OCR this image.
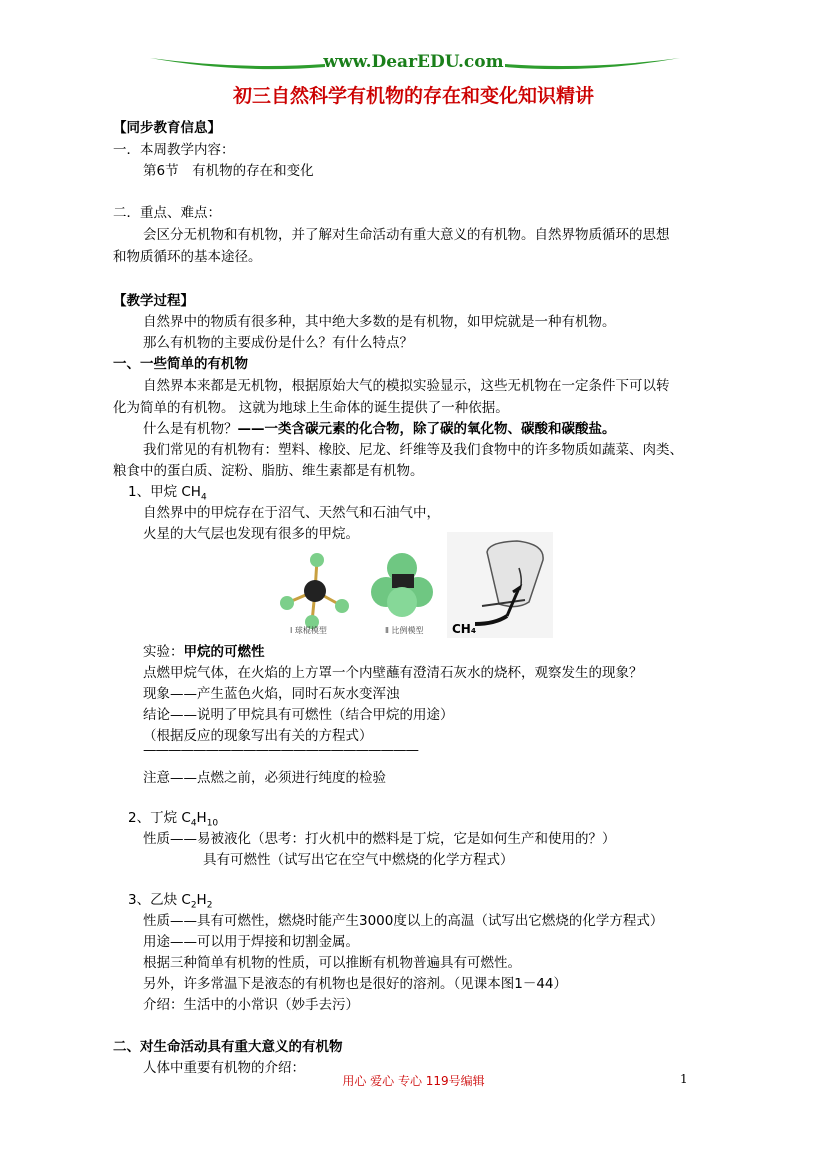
www.DearEDU.com
初三自然科学有机物的存在和变化知识精讲
【同步教育信息】
一．本周教学内容：
第6节　有机物的存在和变化
二．重点、难点：
会区分无机物和有机物，并了解对生命活动有重大意义的有机物。自然界物质循环的思想
和物质循环的基本途径。
【教学过程】
自然界中的物质有很多种，其中绝大多数的是有机物，如甲烷就是一种有机物。
那么有机物的主要成份是什么？有什么特点？
一、一些简单的有机物
自然界本来都是无机物，根据原始大气的模拟实验显示，这些无机物在一定条件下可以转
化为简单的有机物。 这就为地球上生命体的诞生提供了一种依据。
什么是有机物？——一类含碳元素的化合物，除了碳的氧化物、碳酸和碳酸盐。
我们常见的有机物有：塑料、橡胶、尼龙、纤维等及我们食物中的许多物质如蔬菜、肉类、
粮食中的蛋白质、淀粉、脂肪、维生素都是有机物。
1、甲烷 $CH_4$
自然界中的甲烷存在于沼气、天然气和石油气中，
火星的大气层也发现有很多的甲烷。
Ⅰ 球棍模型	Ⅱ 比例模型 CH₄
实验：甲烷的可燃性
点燃甲烷气体，在火焰的上方罩一个内壁蘸有澄清石灰水的烧杯，观察发生的现象？
现象——产生蓝色火焰，同时石灰水变浑浊
结论——说明了甲烷具有可燃性（结合甲烷的用途）
（根据反应的现象写出有关的方程式）
——————————————————————
注意——点燃之前，必须进行纯度的检验
2、丁烷 $C_4H_{10}$
性质——易被液化（思考：打火机中的燃料是丁烷，它是如何生产和使用的？）
具有可燃性（试写出它在空气中燃烧的化学方程式）
3、乙炔 $C_2H_2$
性质——具有可燃性，燃烧时能产生3000度以上的高温（试写出它燃烧的化学方程式）
用途——可以用于焊接和切割金属。
根据三种简单有机物的性质，可以推断有机物普遍具有可燃性。
另外，许多常温下是液态的有机物也是很好的溶剂。（见课本图1－44）
介绍：生活中的小常识（妙手去污）
二、对生命活动具有重大意义的有机物
人体中重要有机物的介绍：
用心 爱心 专心 119号编辑	1
